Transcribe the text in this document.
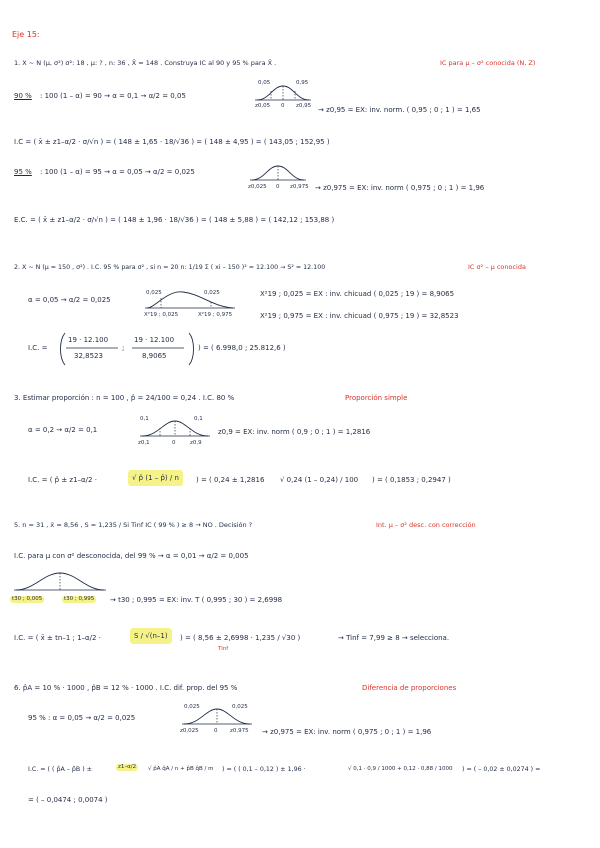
Eje 15:
1. X ~ N (μ, σ²) σ²: 18 , μ: ? , n: 36 , X̄ = 148 . Construya IC al 90 y 95 % para X̄ .	IC para μ – σ² conocida (N, Z)
90 % : 100 (1 – α) = 90 → α = 0,1 → α/2 = 0,05
0,05	0,95
z0,05 0 z0,95 → z0,95 = EX: inv. norm. ( 0,95 ; 0 ; 1 ) = 1,65
I.C = ( x̄ ± z1–α/2 · σ/√n ) = ( 148 ± 1,65 · 18/√36 ) = ( 148 ± 4,95 ) = ( 143,05 ; 152,95 )
95 % : 100 (1 – α) = 95 → α = 0,05 → α/2 = 0,025
z0,025 0 z0,975 → z0,975 = EX: inv. norm ( 0,975 ; 0 ; 1 ) = 1,96
E.C. = ( x̄ ± z1–α/2 · σ/√n ) = ( 148 ± 1,96 · 18/√36 ) = ( 148 ± 5,88 ) = ( 142,12 ; 153,88 )
2. X ~ N (μ = 150 , σ²) . I.C. 95 % para σ² , si n = 20 n: 1/19 Σ ( xi – 150 )² = 12.100 → S² = 12.100	IC σ² – μ conocida
α = 0,05 → α/2 = 0,025
0,025	0,025
X²19 ; 0,025	X²19 ; 0,975
X²19 ; 0,025 = EX : inv. chicuad ( 0,025 ; 19 ) = 8,9065
X²19 ; 0,975 = EX : inv. chicuad ( 0,975 ; 19 ) = 32,8523
I.C. =
19 · 12.100
32,8523
;
19 · 12.100
8,9065
) = ( 6.998,0 ; 25.812,6 )
3. Estimar proporción : n = 100 , p̂ = 24/100 = 0,24 . I.C. 80 %	Proporción simple
α = 0,2 → α/2 = 0,1
0,1	0,1
z0,1	0	z0,9
z0,9 = EX: inv. norm ( 0,9 ; 0 ; 1 ) = 1,2816
I.C. = ( p̂ ± z1–α/2 ·	√ p̂ (1 – p̂) / n	) = ( 0,24 ± 1,2816 √ 0,24 (1 – 0,24) / 100 ) = ( 0,1853 ; 0,2947 )
5. n = 31 , x̄ = 8,56 , S = 1,235 / Si Tinf IC ( 99 % ) ≥ 8 → NO . Decisión ?	Int. μ – σ² desc. con corrección
I.C. para μ con σ² desconocida, del 99 % → α = 0,01 → α/2 = 0,005
t30 ; 0,005	t30 ; 0,995 → t30 ; 0,995 = EX: inv. T ( 0,995 ; 30 ) = 2,6998
I.C. = ( x̄ ± tn–1 ; 1–α/2 ·	S / √(n–1)	) = ( 8,56 ± 2,6998 · 1,235 / √30 )
Tinf
→ Tinf = 7,99 ≥ 8 → selecciona.
6. p̂A = 10 % · 1000 , p̂B = 12 % · 1000 . I.C. dif. prop. del 95 %	Diferencia de proporciones
95 % : α = 0,05 → α/2 = 0,025
0,025	0,025
z0,025	0 z0,975 → z0,975 = EX: inv. norm ( 0,975 ; 0 ; 1 ) = 1,96
I.C. = ( ( p̂A – p̂B ) ±	z1–α/2	√ p̂A q̂A / n + p̂B q̂B / m ) = ( ( 0,1 – 0,12 ) ± 1,96 ·	√ 0,1 · 0,9 / 1000 + 0,12 · 0,88 / 1000 ) = ( – 0,02 ± 0,0274 ) =
= ( – 0,0474 ; 0,0074 )
